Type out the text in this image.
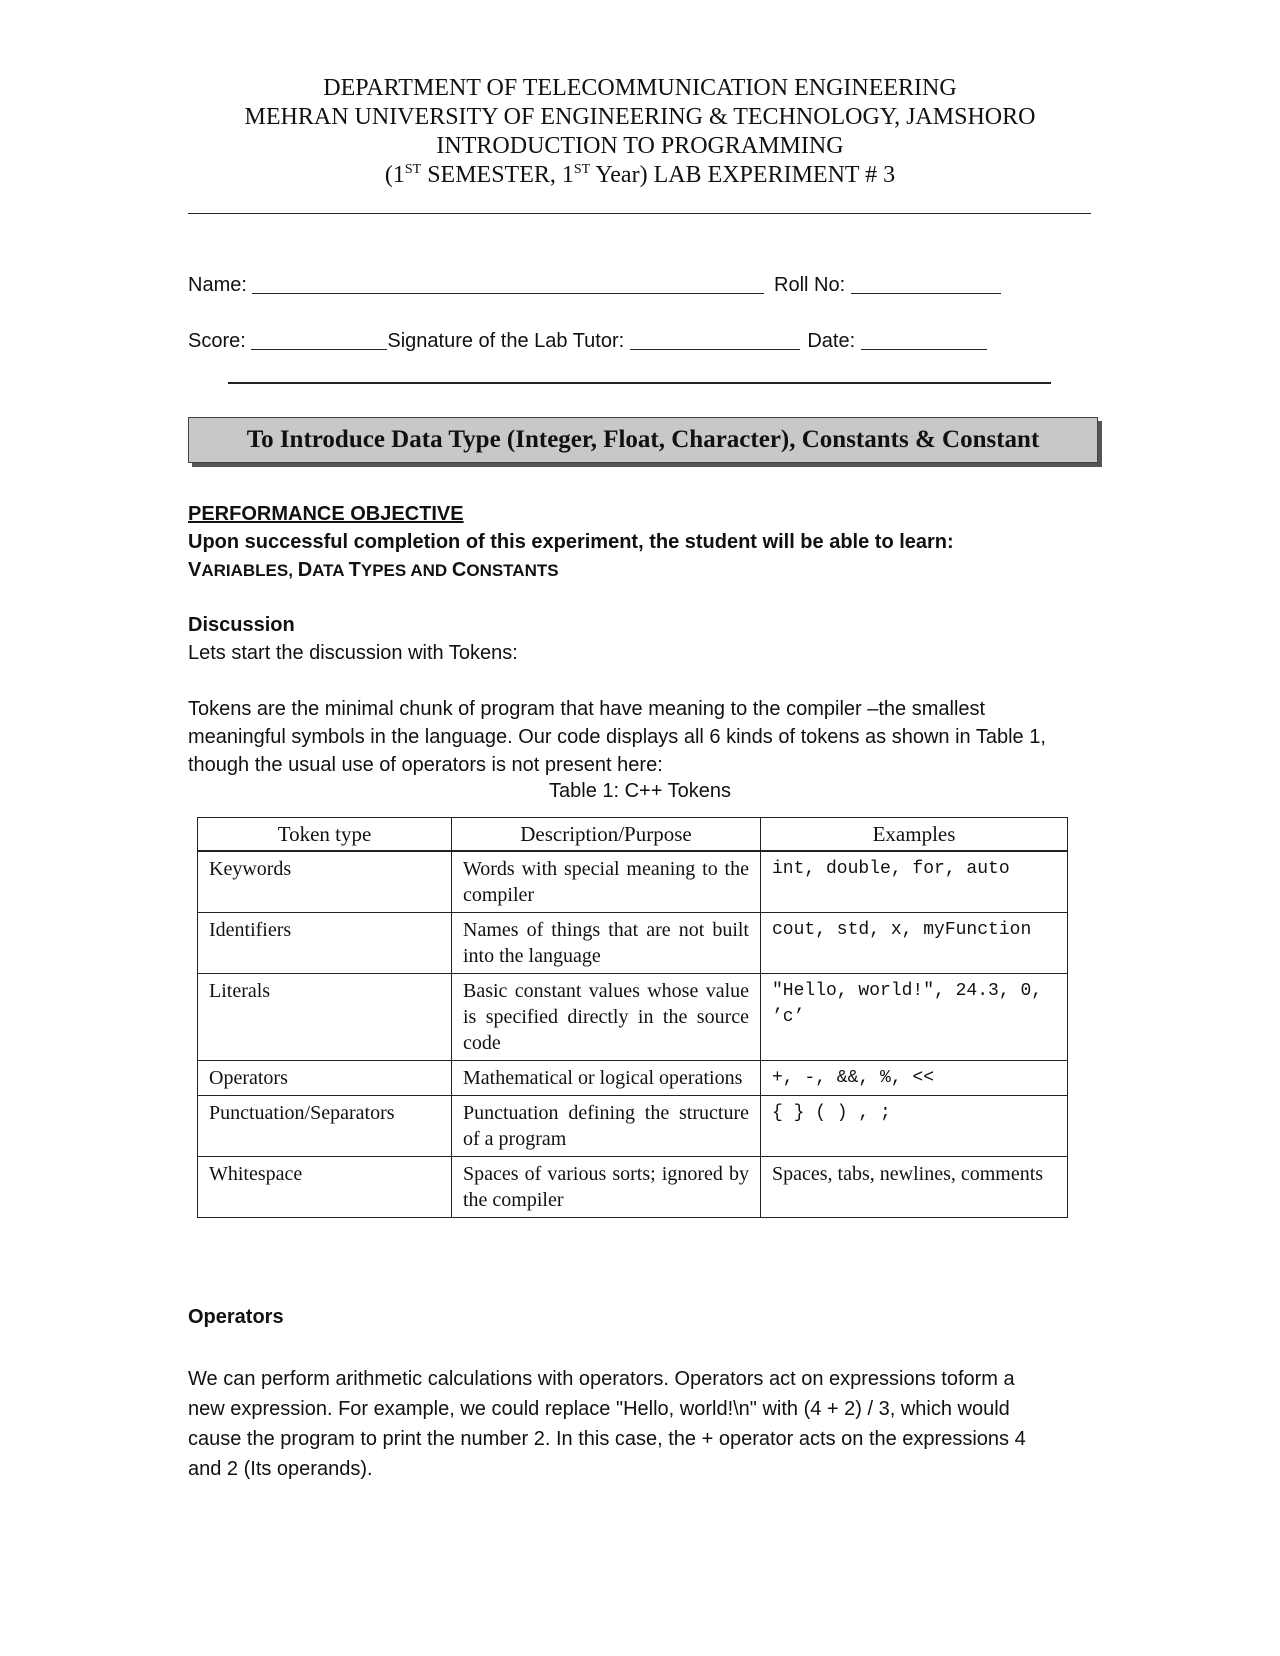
DEPARTMENT OF TELECOMMUNICATION ENGINEERING
MEHRAN UNIVERSITY OF ENGINEERING & TECHNOLOGY, JAMSHORO
INTRODUCTION TO PROGRAMMING
(1ST SEMESTER, 1ST Year) LAB EXPERIMENT # 3
Name:	Roll No:
Score:	Signature of the Lab Tutor:	Date:
To Introduce Data Type (Integer, Float, Character), Constants & Constant
PERFORMANCE OBJECTIVE
Upon successful completion of this experiment, the student will be able to learn:
VARIABLES, DATA TYPES AND CONSTANTS
Discussion
Lets start the discussion with Tokens:
Tokens are the minimal chunk of program that have meaning to the compiler –the smallest
meaningful symbols in the language. Our code displays all 6 kinds of tokens as shown in Table 1,
though the usual use of operators is not present here:
Table 1: C++ Tokens
Token type	Description/Purpose	Examples
Keywords	Words with special meaning to the compiler	int, double, for, auto
Identifiers	Names of things that are not built into the language	cout, std, x, myFunction
Literals	Basic constant values whose value is specified directly in the source code	"Hello, world!", 24.3, 0, ’c’
Operators	Mathematical or logical operations	+, -, &&, %, <<
Punctuation/Separators	Punctuation defining the structure of a program	{ } ( ) , ;
Whitespace	Spaces of various sorts; ignored by the compiler	Spaces, tabs, newlines, comments
Operators
We can perform arithmetic calculations with operators. Operators act on expressions toform a
new expression. For example, we could replace "Hello, world!\n" with (4 + 2) / 3, which would
cause the program to print the number 2. In this case, the + operator acts on the expressions 4
and 2 (Its operands).
